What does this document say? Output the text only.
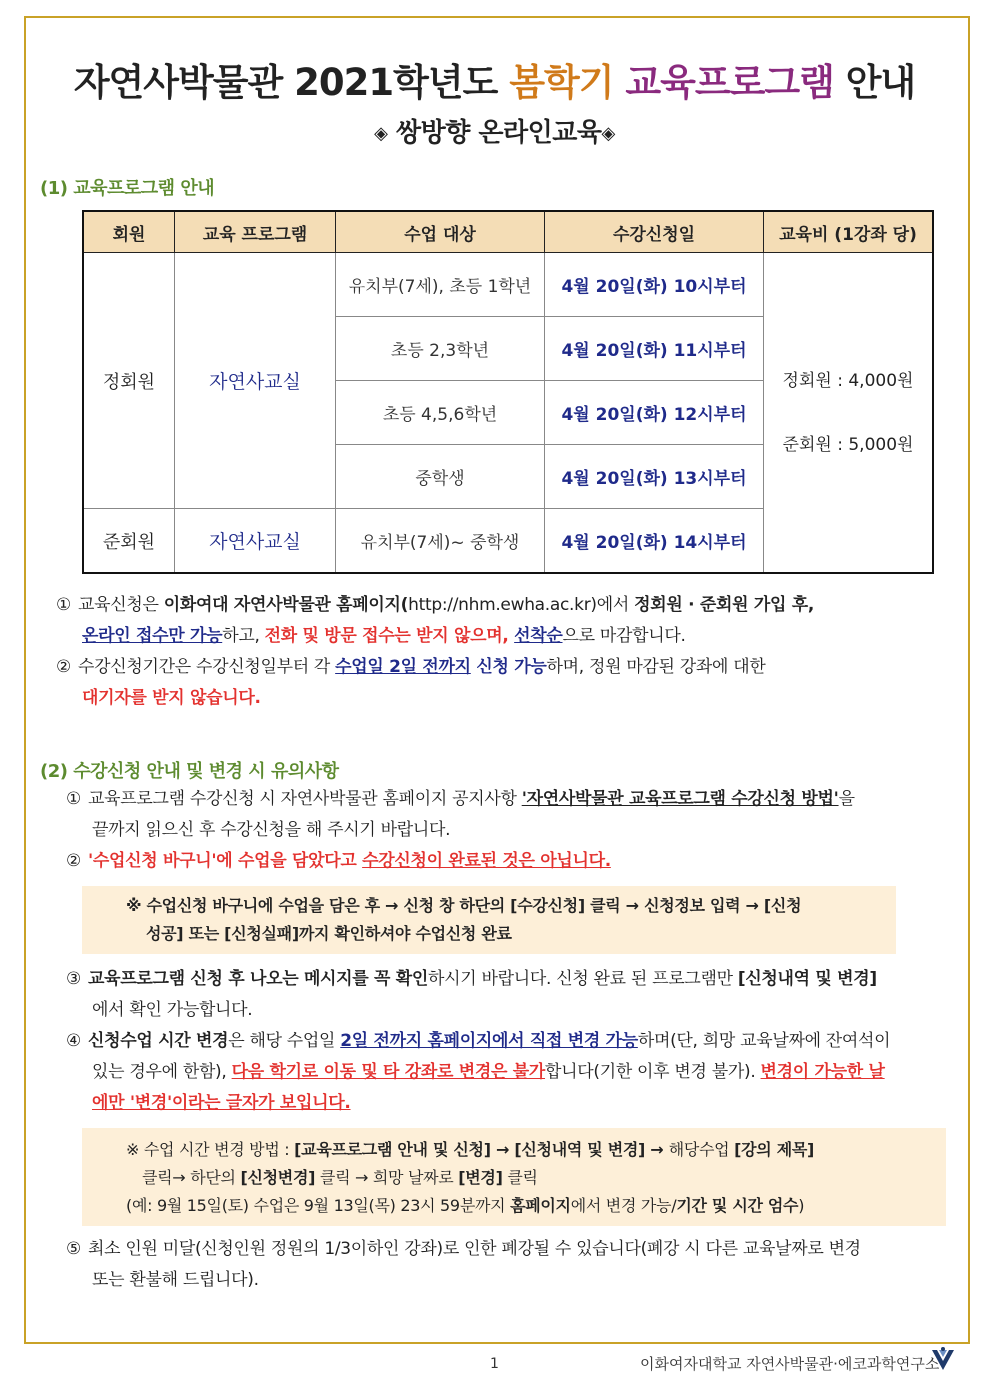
자연사박물관 2021학년도 봄학기 교육프로그램 안내
◈ 쌍방향 온라인교육◈
(1) 교육프로그램 안내
회원	교육 프로그램	수업 대상	수강신청일	교육비 (1강좌 당)
정회원	자연사교실	유치부(7세), 초등 1학년	4월 20일(화) 10시부터	정회원 : 4,000원
준회원 : 5,000원

		초등 2,3학년	4월 20일(화) 11시부터	
		초등 4,5,6학년	4월 20일(화) 12시부터	
		중학생	4월 20일(화) 13시부터	
준회원	자연사교실	유치부(7세)~ 중학생	4월 20일(화) 14시부터	
① 교육신청은 이화여대 자연사박물관 홈페이지(http://nhm.ewha.ac.kr)에서 정회원 · 준회원 가입 후,
온라인 접수만 가능하고, 전화 및 방문 접수는 받지 않으며, 선착순으로 마감합니다.
② 수강신청기간은 수강신청일부터 각 수업일 2일 전까지 신청 가능하며, 정원 마감된 강좌에 대한
대기자를 받지 않습니다.
(2) 수강신청 안내 및 변경 시 유의사항
① 교육프로그램 수강신청 시 자연사박물관 홈페이지 공지사항 '자연사박물관 교육프로그램 수강신청 방법'을
끝까지 읽으신 후 수강신청을 해 주시기 바랍니다.
② '수업신청 바구니'에 수업을 담았다고 수강신청이 완료된 것은 아닙니다.
※ 수업신청 바구니에 수업을 담은 후 → 신청 창 하단의 [수강신청] 클릭 → 신청정보 입력 → [신청
성공] 또는 [신청실패]까지 확인하셔야 수업신청 완료
③ 교육프로그램 신청 후 나오는 메시지를 꼭 확인하시기 바랍니다. 신청 완료 된 프로그램만 [신청내역 및 변경]
에서 확인 가능합니다.
④ 신청수업 시간 변경은 해당 수업일 2일 전까지 홈페이지에서 직접 변경 가능하며(단, 희망 교육날짜에 잔여석이
있는 경우에 한함), 다음 학기로 이동 및 타 강좌로 변경은 불가합니다(기한 이후 변경 불가). 변경이 가능한 날
에만 '변경'이라는 글자가 보입니다.
※ 수업 시간 변경 방법 : [교육프로그램 안내 및 신청] → [신청내역 및 변경] → 해당수업 [강의 제목]
클릭→ 하단의 [신청변경] 클릭 → 희망 날짜로 [변경] 클릭
(예: 9월 15일(토) 수업은 9월 13일(목) 23시 59분까지 홈페이지에서 변경 가능/기간 및 시간 엄수)
⑤ 최소 인원 미달(신청인원 정원의 1/3이하인 강좌)로 인한 폐강될 수 있습니다(폐강 시 다른 교육날짜로 변경
또는 환불해 드립니다).
1	이화여자대학교 자연사박물관·에코과학연구소
